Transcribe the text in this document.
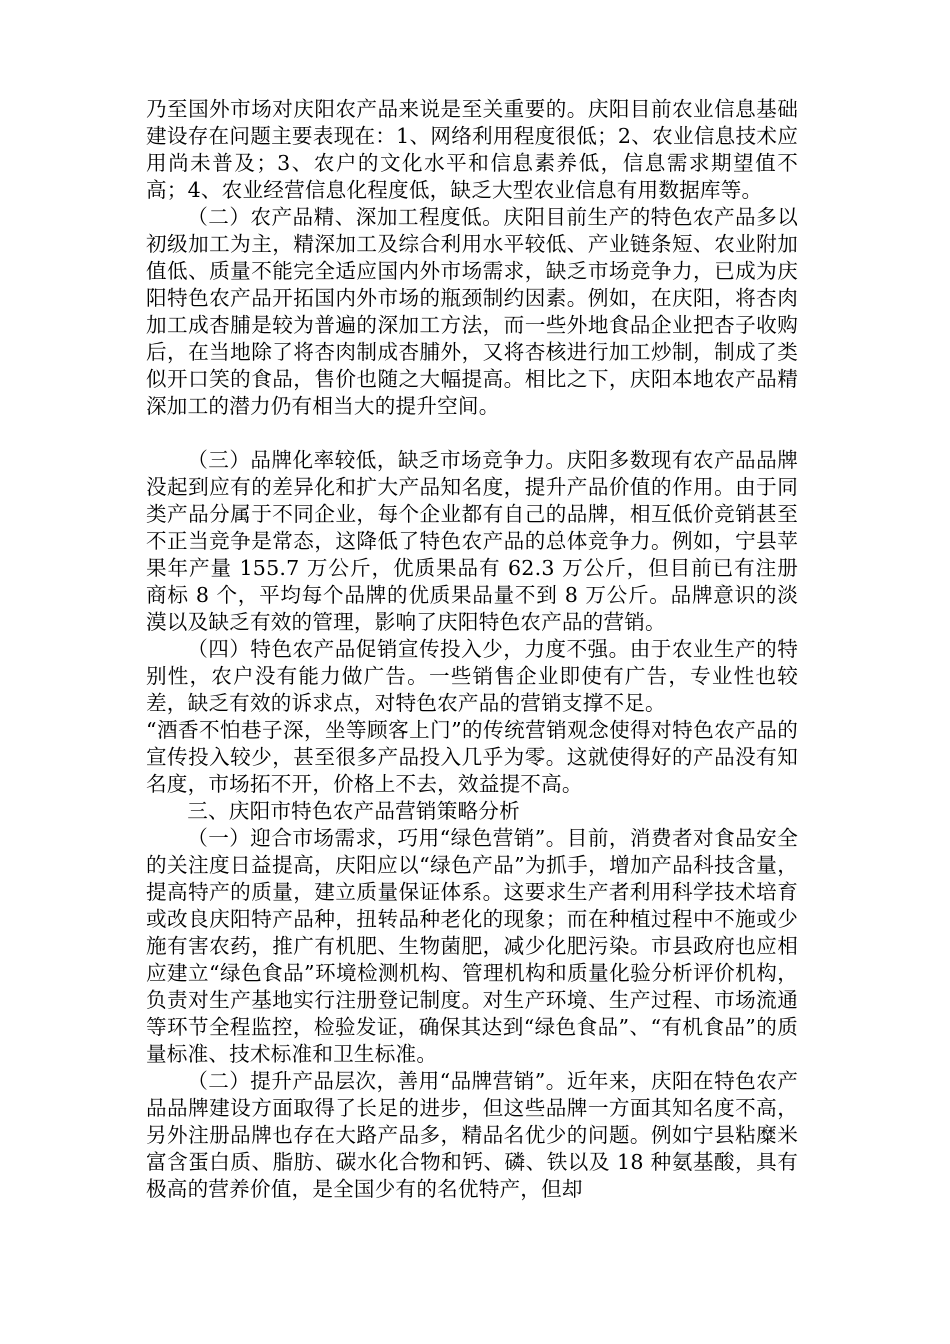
乃至国外市场对庆阳农产品来说是至关重要的。庆阳目前农业信息基础建设存在问题主要表现在：1、网络利用程度很低；2、农业信息技术应用尚未普及；3、农户的文化水平和信息素养低，信息需求期望值不高；4、农业经营信息化程度低，缺乏大型农业信息有用数据库等。

（二）农产品精、深加工程度低。庆阳目前生产的特色农产品多以初级加工为主，精深加工及综合利用水平较低、产业链条短、农业附加值低、质量不能完全适应国内外市场需求，缺乏市场竞争力，已成为庆阳特色农产品开拓国内外市场的瓶颈制约因素。例如，在庆阳，将杏肉加工成杏脯是较为普遍的深加工方法，而一些外地食品企业把杏子收购后，在当地除了将杏肉制成杏脯外，又将杏核进行加工炒制，制成了类似开口笑的食品，售价也随之大幅提高。相比之下，庆阳本地农产品精深加工的潜力仍有相当大的提升空间。

（三）品牌化率较低，缺乏市场竞争力。庆阳多数现有农产品品牌没起到应有的差异化和扩大产品知名度，提升产品价值的作用。由于同类产品分属于不同企业，每个企业都有自己的品牌，相互低价竞销甚至不正当竞争是常态，这降低了特色农产品的总体竞争力。例如，宁县苹果年产量 155.7 万公斤，优质果品有 62.3 万公斤，但目前已有注册商标 8 个，平均每个品牌的优质果品量不到 8 万公斤。品牌意识的淡漠以及缺乏有效的管理，影响了庆阳特色农产品的营销。

（四）特色农产品促销宣传投入少，力度不强。由于农业生产的特别性，农户没有能力做广告。一些销售企业即使有广告，专业性也较差，缺乏有效的诉求点，对特色农产品的营销支撑不足。

“酒香不怕巷子深，坐等顾客上门”的传统营销观念使得对特色农产品的宣传投入较少，甚至很多产品投入几乎为零。这就使得好的产品没有知名度，市场拓不开，价格上不去，效益提不高。

三、庆阳市特色农产品营销策略分析

（一）迎合市场需求，巧用“绿色营销”。目前，消费者对食品安全的关注度日益提高，庆阳应以“绿色产品”为抓手，增加产品科技含量，提高特产的质量，建立质量保证体系。这要求生产者利用科学技术培育或改良庆阳特产品种，扭转品种老化的现象；而在种植过程中不施或少施有害农药，推广有机肥、生物菌肥，减少化肥污染。市县政府也应相应建立“绿色食品”环境检测机构、管理机构和质量化验分析评价机构，负责对生产基地实行注册登记制度。对生产环境、生产过程、市场流通等环节全程监控，检验发证，确保其达到“绿色食品”、“有机食品”的质量标准、技术标准和卫生标准。

（二）提升产品层次，善用“品牌营销”。近年来，庆阳在特色农产品品牌建设方面取得了长足的进步，但这些品牌一方面其知名度不高，另外注册品牌也存在大路产品多，精品名优少的问题。例如宁县粘糜米富含蛋白质、脂肪、碳水化合物和钙、磷、铁以及 18 种氨基酸，具有极高的营养价值，是全国少有的名优特产，但却
